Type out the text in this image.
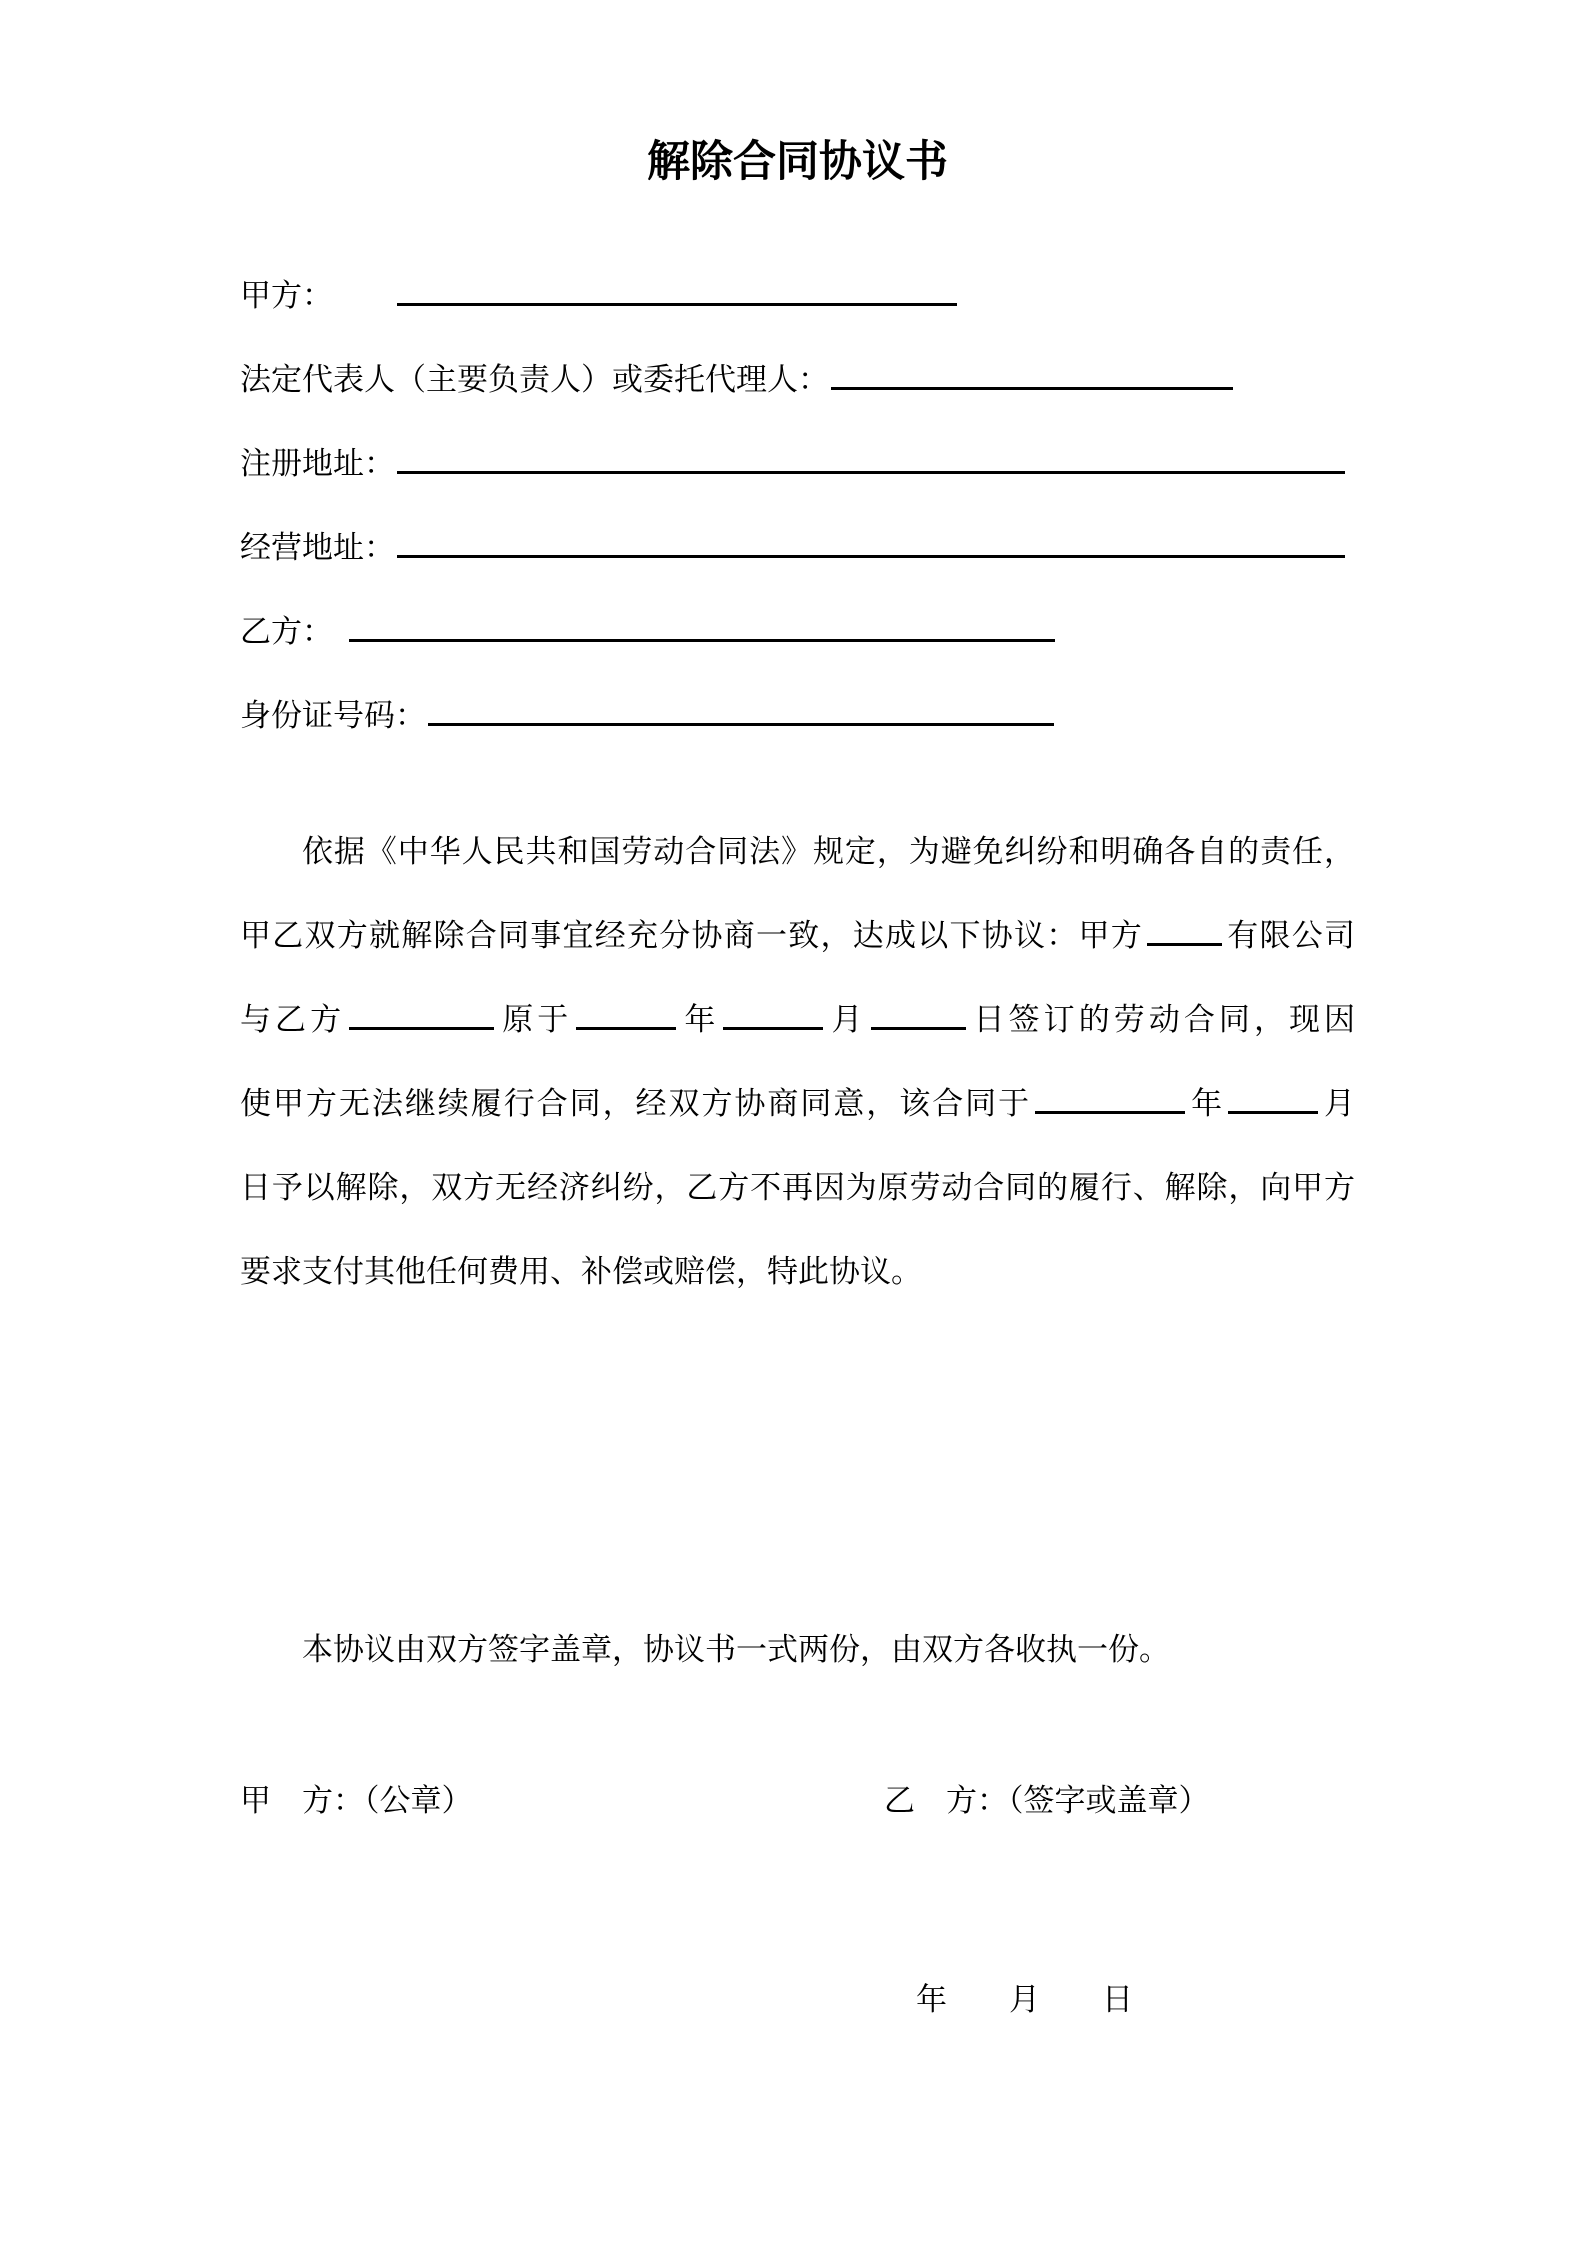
解除合同协议书
甲方：
法定代表人（主要负责人）或委托代理人：
注册地址：
经营地址：
乙方：
身份证号码：
依据《中华人民共和国劳动合同法》规定，为避免纠纷和明确各自的责任，
甲乙双方就解除合同事宜经充分协商一致，达成以下协议：甲方	有限公司
与乙方	原于	年	月	日签订的劳动合同，现因
使甲方无法继续履行合同，经双方协商同意，该合同于	年	月
日予以解除，双方无经济纠纷，乙方不再因为原劳动合同的履行、解除，向甲方
要求支付其他任何费用、补偿或赔偿，特此协议。
本协议由双方签字盖章，协议书一式两份，由双方各收执一份。
甲　方：（公章）	乙　方：（签字或盖章）
年　　月　　日
